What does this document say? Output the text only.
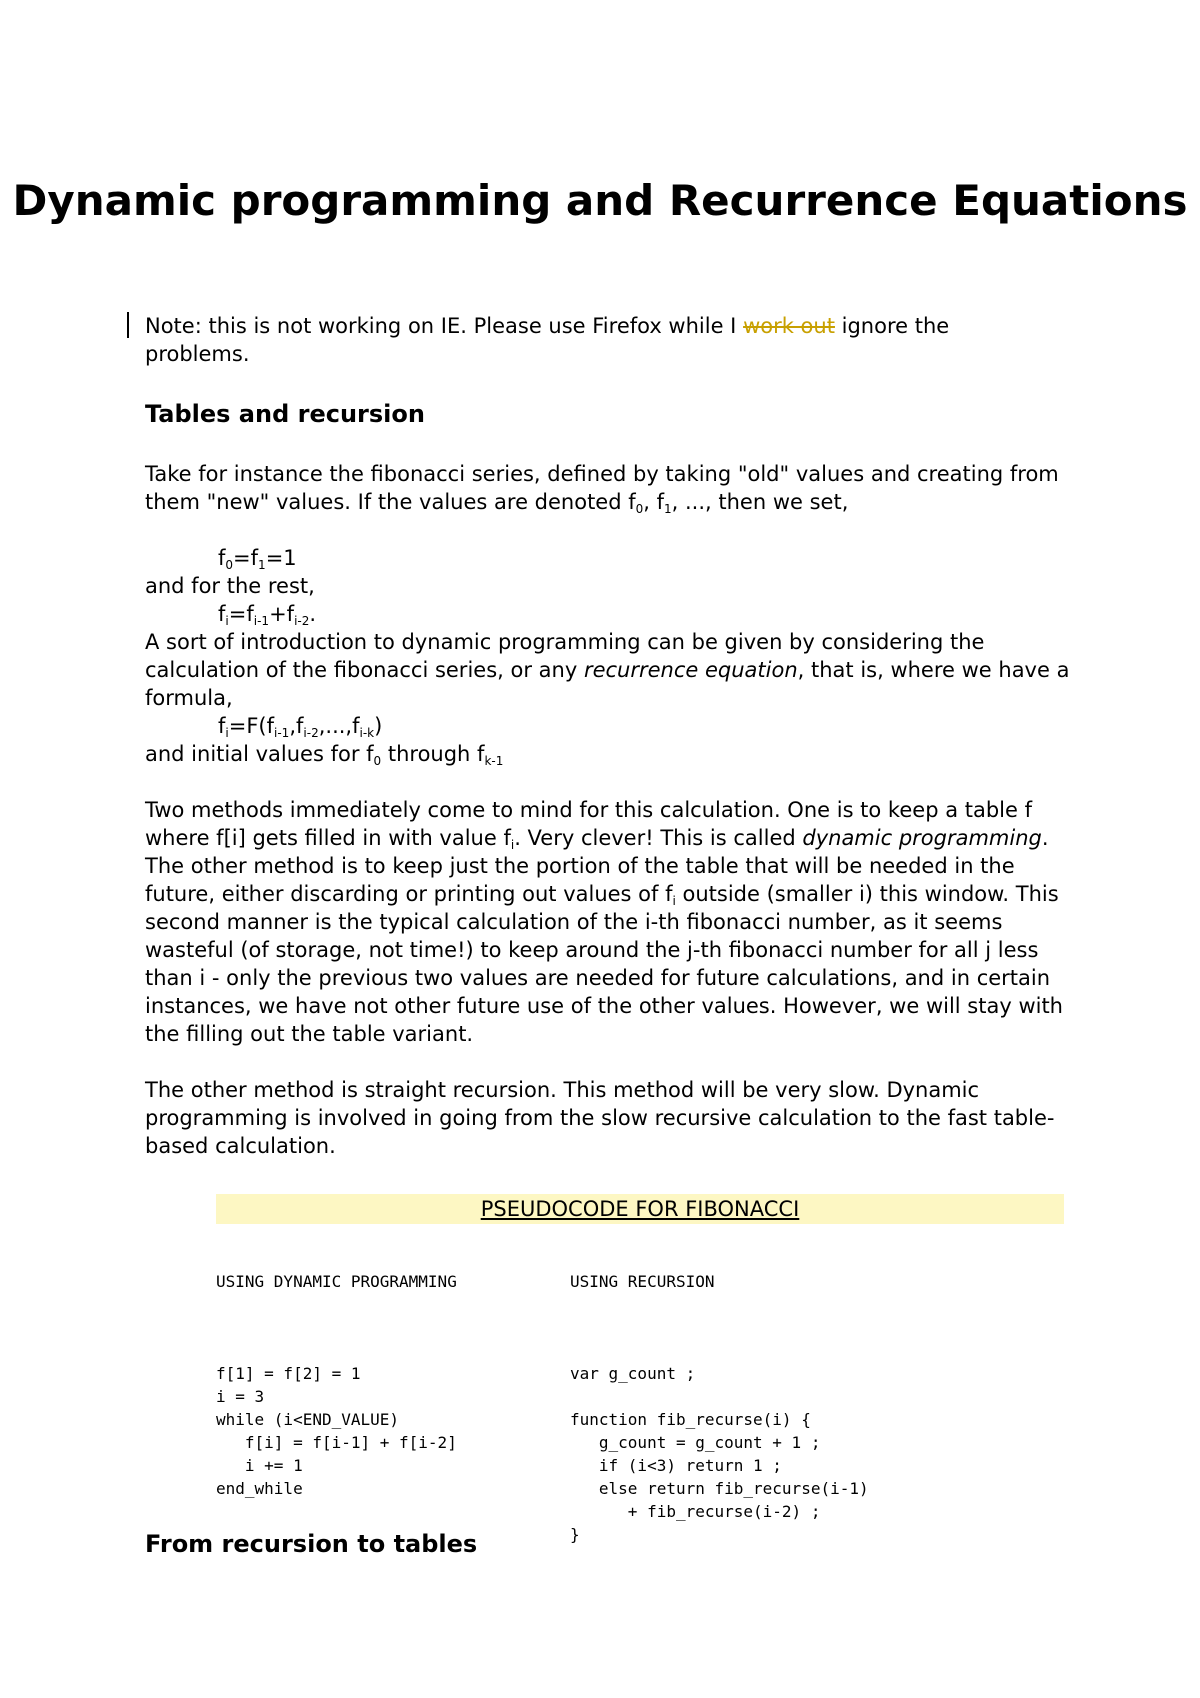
Dynamic programming and Recurrence Equations
Note: this is not working on IE. Please use Firefox while I work out ignore the problems.
Tables and recursion
Take for instance the fibonacci series, defined by taking "old" values and creating from them "new" values. If the values are denoted $f_0$, $f_1$, ..., then we set,
$f_0=f_1=1$
and for the rest,
$f_i=f_{i-1}+f_{i-2}$.
A sort of introduction to dynamic programming can be given by considering the calculation of the fibonacci series, or any recurrence equation, that is, where we have a formula,
$f_i=F(f_{i-1},f_{i-2},...,f_{i-k})$
and initial values for $f_0$ through $f_{k-1}$
Two methods immediately come to mind for this calculation. One is to keep a table f where f[i] gets filled in with value $f_i$. Very clever! This is called dynamic programming. The other method is to keep just the portion of the table that will be needed in the future, either discarding or printing out values of $f_i$ outside (smaller i) this window. This second manner is the typical calculation of the i-th fibonacci number, as it seems wasteful (of storage, not time!) to keep around the j-th fibonacci number for all j less than i - only the previous two values are needed for future calculations, and in certain instances, we have not other future use of the other values. However, we will stay with the filling out the table variant.
The other method is straight recursion. This method will be very slow. Dynamic programming is involved in going from the slow recursive calculation to the fast table-based calculation.
PSEUDOCODE FOR FIBONACCI

USING DYNAMIC PROGRAMMING

f[1] = f[2] = 1
i = 3
while (i<END_VALUE)
f[i] = f[i-1] + f[i-2]
i += 1
end_while

USING RECURSION

var g_count ;

function fib_recurse(i) {
g_count = g_count + 1 ;
if (i<3) return 1 ;
else return fib_recurse(i-1)
+ fib_recurse(i-2) ;
}

From recursion to tables
